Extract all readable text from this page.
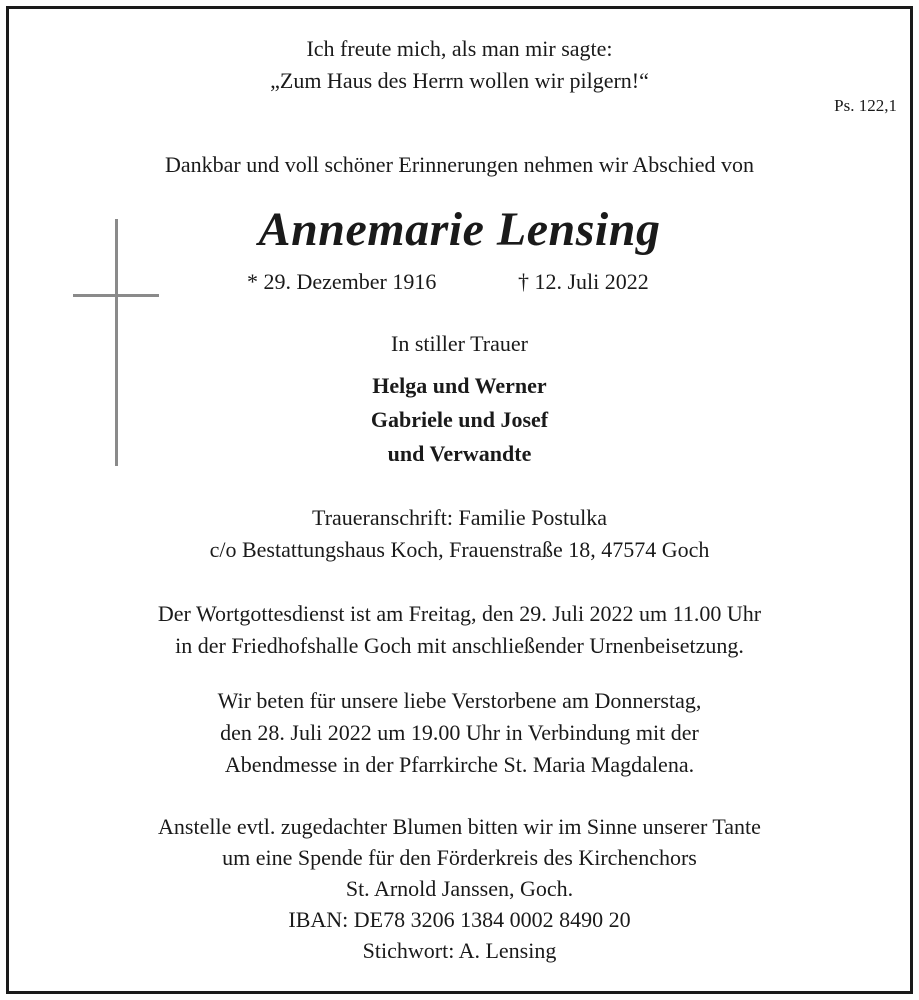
Ich freute mich, als man mir sagte:
„Zum Haus des Herrn wollen wir pilgern!“
Ps. 122,1
Dankbar und voll schöner Erinnerungen nehmen wir Abschied von
Annemarie Lensing
* 29. Dezember 1916	† 12. Juli 2022
In stiller Trauer
Helga und Werner
Gabriele und Josef
und Verwandte
Traueranschrift: Familie Postulka
c/o Bestattungshaus Koch, Frauenstraße 18, 47574 Goch
Der Wortgottesdienst ist am Freitag, den 29. Juli 2022 um 11.00 Uhr
in der Friedhofshalle Goch mit anschließender Urnenbeisetzung.
Wir beten für unsere liebe Verstorbene am Donnerstag,
den 28. Juli 2022 um 19.00 Uhr in Verbindung mit der
Abendmesse in der Pfarrkirche St. Maria Magdalena.
Anstelle evtl. zugedachter Blumen bitten wir im Sinne unserer Tante
um eine Spende für den Förderkreis des Kirchenchors
St. Arnold Janssen, Goch.
IBAN: DE78 3206 1384 0002 8490 20
Stichwort: A. Lensing
